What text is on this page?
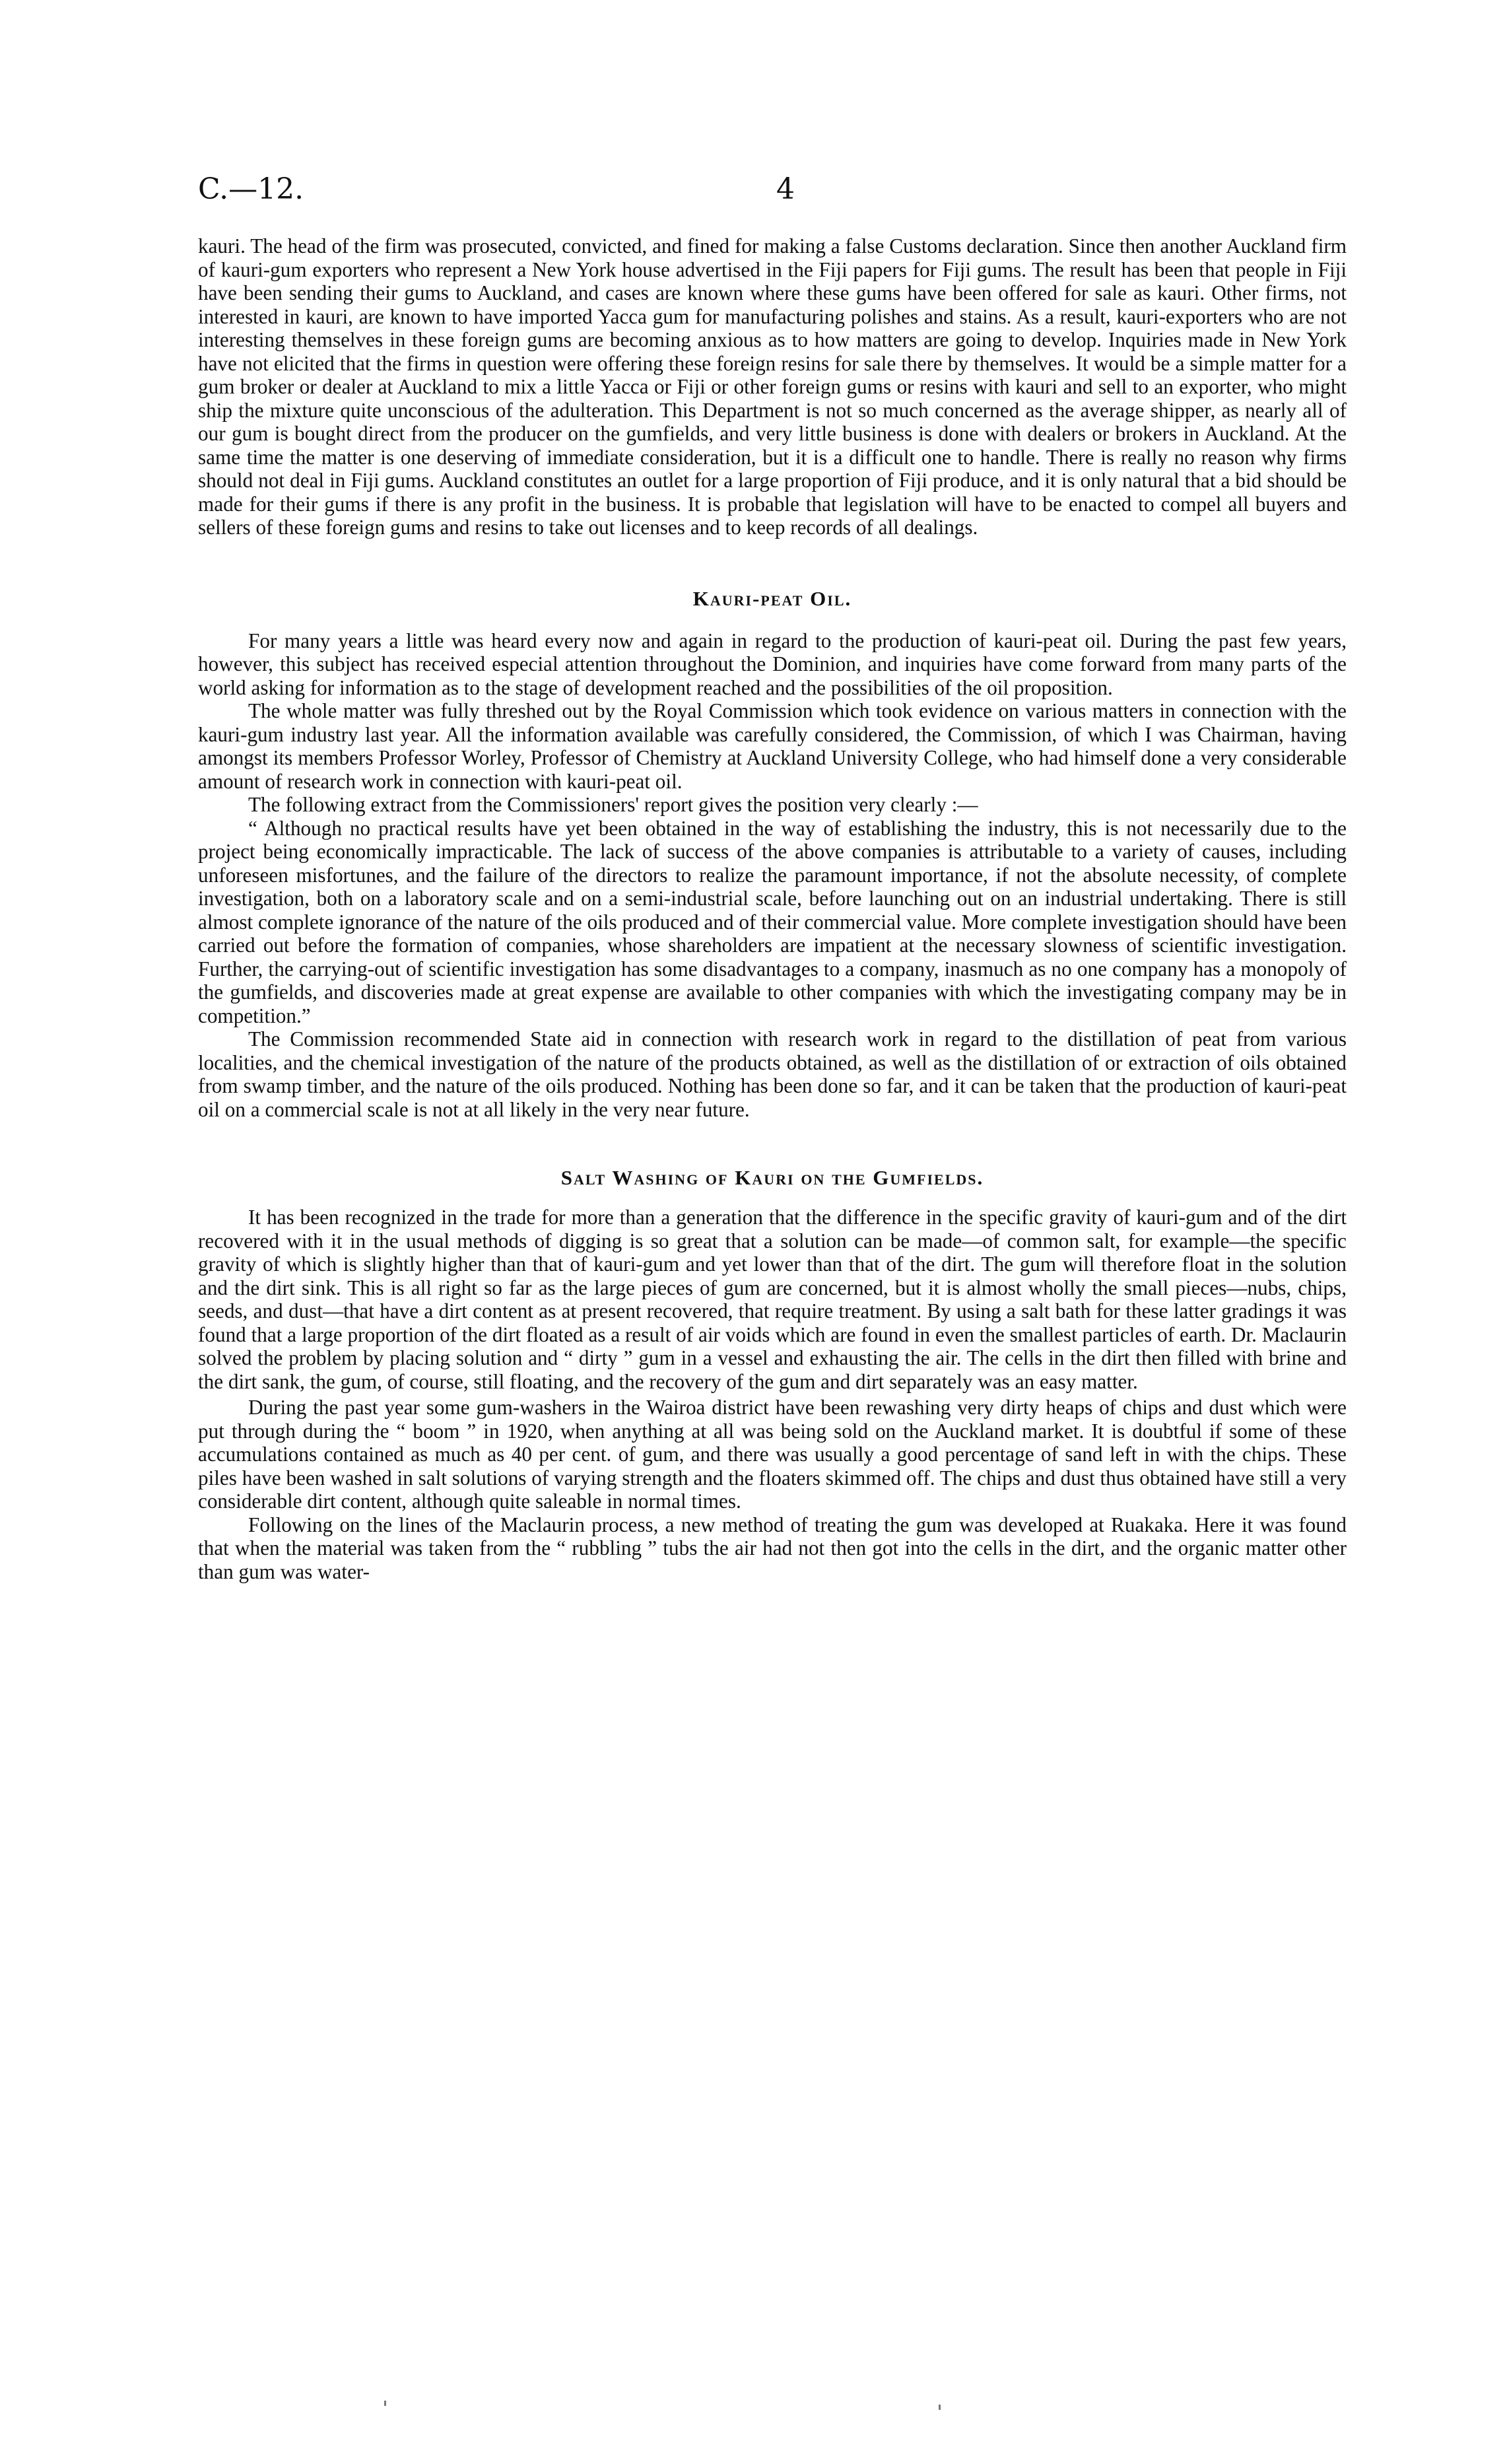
C.—12.	4

kauri. The head of the firm was prosecuted, convicted, and fined for making a false Customs declaration. Since then another Auckland firm of kauri-gum exporters who represent a New York house advertised in the Fiji papers for Fiji gums. The result has been that people in Fiji have been sending their gums to Auckland, and cases are known where these gums have been offered for sale as kauri. Other firms, not interested in kauri, are known to have imported Yacca gum for manufacturing polishes and stains. As a result, kauri-exporters who are not interesting themselves in these foreign gums are becoming anxious as to how matters are going to develop. Inquiries made in New York have not elicited that the firms in question were offering these foreign resins for sale there by themselves. It would be a simple matter for a gum broker or dealer at Auckland to mix a little Yacca or Fiji or other foreign gums or resins with kauri and sell to an exporter, who might ship the mixture quite unconscious of the adulteration. This Department is not so much concerned as the average shipper, as nearly all of our gum is bought direct from the producer on the gumfields, and very little business is done with dealers or brokers in Auckland. At the same time the matter is one deserving of immediate consideration, but it is a difficult one to handle. There is really no reason why firms should not deal in Fiji gums. Auckland constitutes an outlet for a large proportion of Fiji produce, and it is only natural that a bid should be made for their gums if there is any profit in the business. It is probable that legislation will have to be enacted to compel all buyers and sellers of these foreign gums and resins to take out licenses and to keep records of all dealings.

Kauri-peat Oil.

For many years a little was heard every now and again in regard to the production of kauri-peat oil. During the past few years, however, this subject has received especial attention throughout the Dominion, and inquiries have come forward from many parts of the world asking for information as to the stage of development reached and the possibilities of the oil proposition.

The whole matter was fully threshed out by the Royal Commission which took evidence on various matters in connection with the kauri-gum industry last year. All the information available was carefully considered, the Commission, of which I was Chairman, having amongst its members Professor Worley, Professor of Chemistry at Auckland University College, who had himself done a very considerable amount of research work in connection with kauri-peat oil.

The following extract from the Commissioners' report gives the position very clearly :—

“ Although no practical results have yet been obtained in the way of establishing the industry, this is not necessarily due to the project being economically impracticable. The lack of success of the above companies is attributable to a variety of causes, including unforeseen misfortunes, and the failure of the directors to realize the paramount importance, if not the absolute necessity, of complete investigation, both on a laboratory scale and on a semi-industrial scale, before launching out on an industrial undertaking. There is still almost complete ignorance of the nature of the oils produced and of their commercial value. More complete investigation should have been carried out before the formation of companies, whose shareholders are impatient at the necessary slowness of scientific investigation. Further, the carrying-out of scientific investigation has some disadvantages to a company, inasmuch as no one company has a monopoly of the gumfields, and discoveries made at great expense are available to other companies with which the investigating company may be in competition.”

The Commission recommended State aid in connection with research work in regard to the distillation of peat from various localities, and the chemical investigation of the nature of the products obtained, as well as the distillation of or extraction of oils obtained from swamp timber, and the nature of the oils produced. Nothing has been done so far, and it can be taken that the production of kauri-peat oil on a commercial scale is not at all likely in the very near future.

Salt Washing of Kauri on the Gumfields.

It has been recognized in the trade for more than a generation that the difference in the specific gravity of kauri-gum and of the dirt recovered with it in the usual methods of digging is so great that a solution can be made—of common salt, for example—the specific gravity of which is slightly higher than that of kauri-gum and yet lower than that of the dirt. The gum will therefore float in the solution and the dirt sink. This is all right so far as the large pieces of gum are concerned, but it is almost wholly the small pieces—nubs, chips, seeds, and dust—that have a dirt content as at present recovered, that require treatment. By using a salt bath for these latter gradings it was found that a large proportion of the dirt floated as a result of air voids which are found in even the smallest particles of earth. Dr. Maclaurin solved the problem by placing solution and “ dirty ” gum in a vessel and exhausting the air. The cells in the dirt then filled with brine and the dirt sank, the gum, of course, still floating, and the recovery of the gum and dirt separately was an easy matter.

During the past year some gum-washers in the Wairoa district have been rewashing very dirty heaps of chips and dust which were put through during the “ boom ” in 1920, when anything at all was being sold on the Auckland market. It is doubtful if some of these accumulations contained as much as 40 per cent. of gum, and there was usually a good percentage of sand left in with the chips. These piles have been washed in salt solutions of varying strength and the floaters skimmed off. The chips and dust thus obtained have still a very considerable dirt content, although quite saleable in normal times.

Following on the lines of the Maclaurin process, a new method of treating the gum was developed at Ruakaka. Here it was found that when the material was taken from the “ rubbling ” tubs the air had not then got into the cells in the dirt, and the organic matter other than gum was water-
